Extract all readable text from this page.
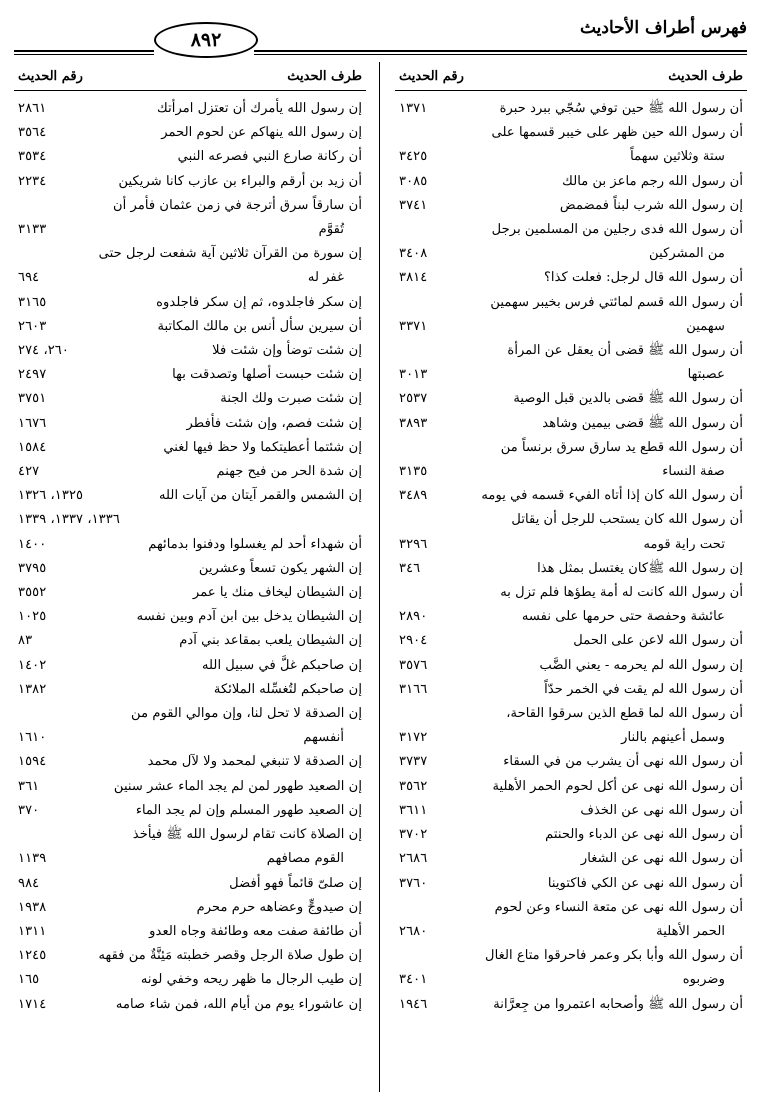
فهرس أطراف الأحاديث
٨٩٢
طرف الحديث
رقم الحديث
أن رسول الله ﷺ حين توفي سُجّي ببرد حبرة
١٣٧١
أن رسول الله حين ظهر على خيبر قسمها على
ستة وثلاثين سهماً
٣٤٢٥
أن رسول الله رجم ماعز بن مالك
٣٠٨٥
إن رسول الله شرب لبناً فمضمض
٣٧٤١
أن رسول الله فدى رجلين من المسلمين برجل
من المشركين
٣٤٠٨
أن رسول الله قال لرجل: فعلت كذا؟
٣٨١٤
أن رسول الله قسم لمائتي فرس بخيبر سهمين
سهمين
٣٣٧١
أن رسول الله ﷺ قضى أن يعقل عن المرأة
عصبتها
٣٠١٣
أن رسول الله ﷺ قضى بالدين قبل الوصية
٢٥٣٧
أن رسول الله ﷺ قضى بيمين وشاهد
٣٨٩٣
أن رسول الله قطع يد سارق سرق برنساً من
صفة النساء
٣١٣٥
أن رسول الله كان إذا أتاه الفيء قسمه في يومه
٣٤٨٩
أن رسول الله كان يستحب للرجل أن يقاتل
تحت راية قومه
٣٢٩٦
إن رسول الله ﷺكان يغتسل بمثل هذا
٣٤٦
أن رسول الله كانت له أمة يطؤها فلم تزل به
عائشة وحفصة حتى حرمها على نفسه
٢٨٩٠
أن رسول الله لاعن على الحمل
٢٩٠٤
إن رسول الله لم يحرمه - يعني الضَّب
٣٥٧٦
أن رسول الله لم يقت في الخمر حدّاً
٣١٦٦
أن رسول الله لما قطع الذين سرقوا القاحة،
وسمل أعينهم بالنار
٣١٧٢
أن رسول الله نهى أن يشرب من في السقاء
٣٧٣٧
أن رسول الله نهى عن أكل لحوم الحمر الأهلية
٣٥٦٢
أن رسول الله نهى عن الخذف
٣٦١١
أن رسول الله نهى عن الدباء والحنتم
٣٧٠٢
أن رسول الله نهى عن الشغار
٢٦٨٦
أن رسول الله نهى عن الكي فاكتوينا
٣٧٦٠
أن رسول الله نهى عن متعة النساء وعن لحوم
الحمر الأهلية
٢٦٨٠
أن رسول الله وأبا بكر وعمر فاحرقوا متاع الغال
وضربوه
٣٤٠١
أن رسول الله ﷺ وأصحابه اعتمروا من جِعرَّانة
١٩٤٦
طرف الحديث
رقم الحديث
إن رسول الله يأمرك أن تعتزل امرأتك
٢٨٦١
إن رسول الله ينهاكم عن لحوم الحمر
٣٥٦٤
أن ركانة صارع النبي فصرعه النبي
٣٥٣٤
أن زيد بن أرقم والبراء بن عازب كانا شريكين
٢٢٣٤
أن سارقاً سرق أترجة في زمن عثمان فأمر أن
تُقوَّم
٣١٣٣
إن سورة من القرآن ثلاثين آية شفعت لرجل حتى
غفر له
٦٩٤
إن سكر فاجلدوه، ثم إن سكر فاجلدوه
٣١٦٥
أن سيرين سأل أنس بن مالك المكاتبة
٢٦٠٣
إن شئت توضأ وإن شئت فلا
٢٦٠، ٢٧٤
إن شئت حبست أصلها وتصدقت بها
٢٤٩٧
إن شئت صبرت ولك الجنة
٣٧٥١
إن شئت فصم، وإن شئت فأفطر
١٦٧٦
إن شئتما أعطيتكما ولا حظ فيها لغني
١٥٨٤
إن شدة الحر من فيح جهنم
٤٢٧
إن الشمس والقمر آيتان من آيات الله
١٣٢٥، ١٣٢٦

١٣٣٦، ١٣٣٧، ١٣٣٩
أن شهداء أحد لم يغسلوا ودفنوا بدمائهم
١٤٠٠
إن الشهر يكون تسعاً وعشرين
٣٧٩٥
إن الشيطان ليخاف منك يا عمر
٣٥٥٢
إن الشيطان يدخل بين ابن آدم وبين نفسه
١٠٢٥
إن الشيطان يلعب بمقاعد بني آدم
٨٣
إن صاحبكم غلَّ في سبيل الله
١٤٠٢
إن صاحبكم لتُغسِّله الملائكة
١٣٨٢
إن الصدقة لا تحل لنا، وإن موالي القوم من
أنفسهم
١٦١٠
إن الصدقة لا تنبغي لمحمد ولا لآل محمد
١٥٩٤
إن الصعيد طهور لمن لم يجد الماء عشر سنين
٣٦١
إن الصعيد طهور المسلم وإن لم يجد الماء
٣٧٠
إن الصلاة كانت تقام لرسول الله ﷺ فيأخذ
القوم مصافهم
١١٣٩
إن صلىّ قائماً فهو أفضل
٩٨٤
إن صيدوجٍّ وعضاهه حرم محرم
١٩٣٨
أن طائفة صفت معه وطائفة وجاه العدو
١٣١١
إن طول صلاة الرجل وقصر خطبته مَئِنَّةٌ من فقهه
١٢٤٥
إن طيب الرجال ما ظهر ريحه وخفي لونه
١٦٥
إن عاشوراء يوم من أيام الله، فمن شاء صامه
١٧١٤
